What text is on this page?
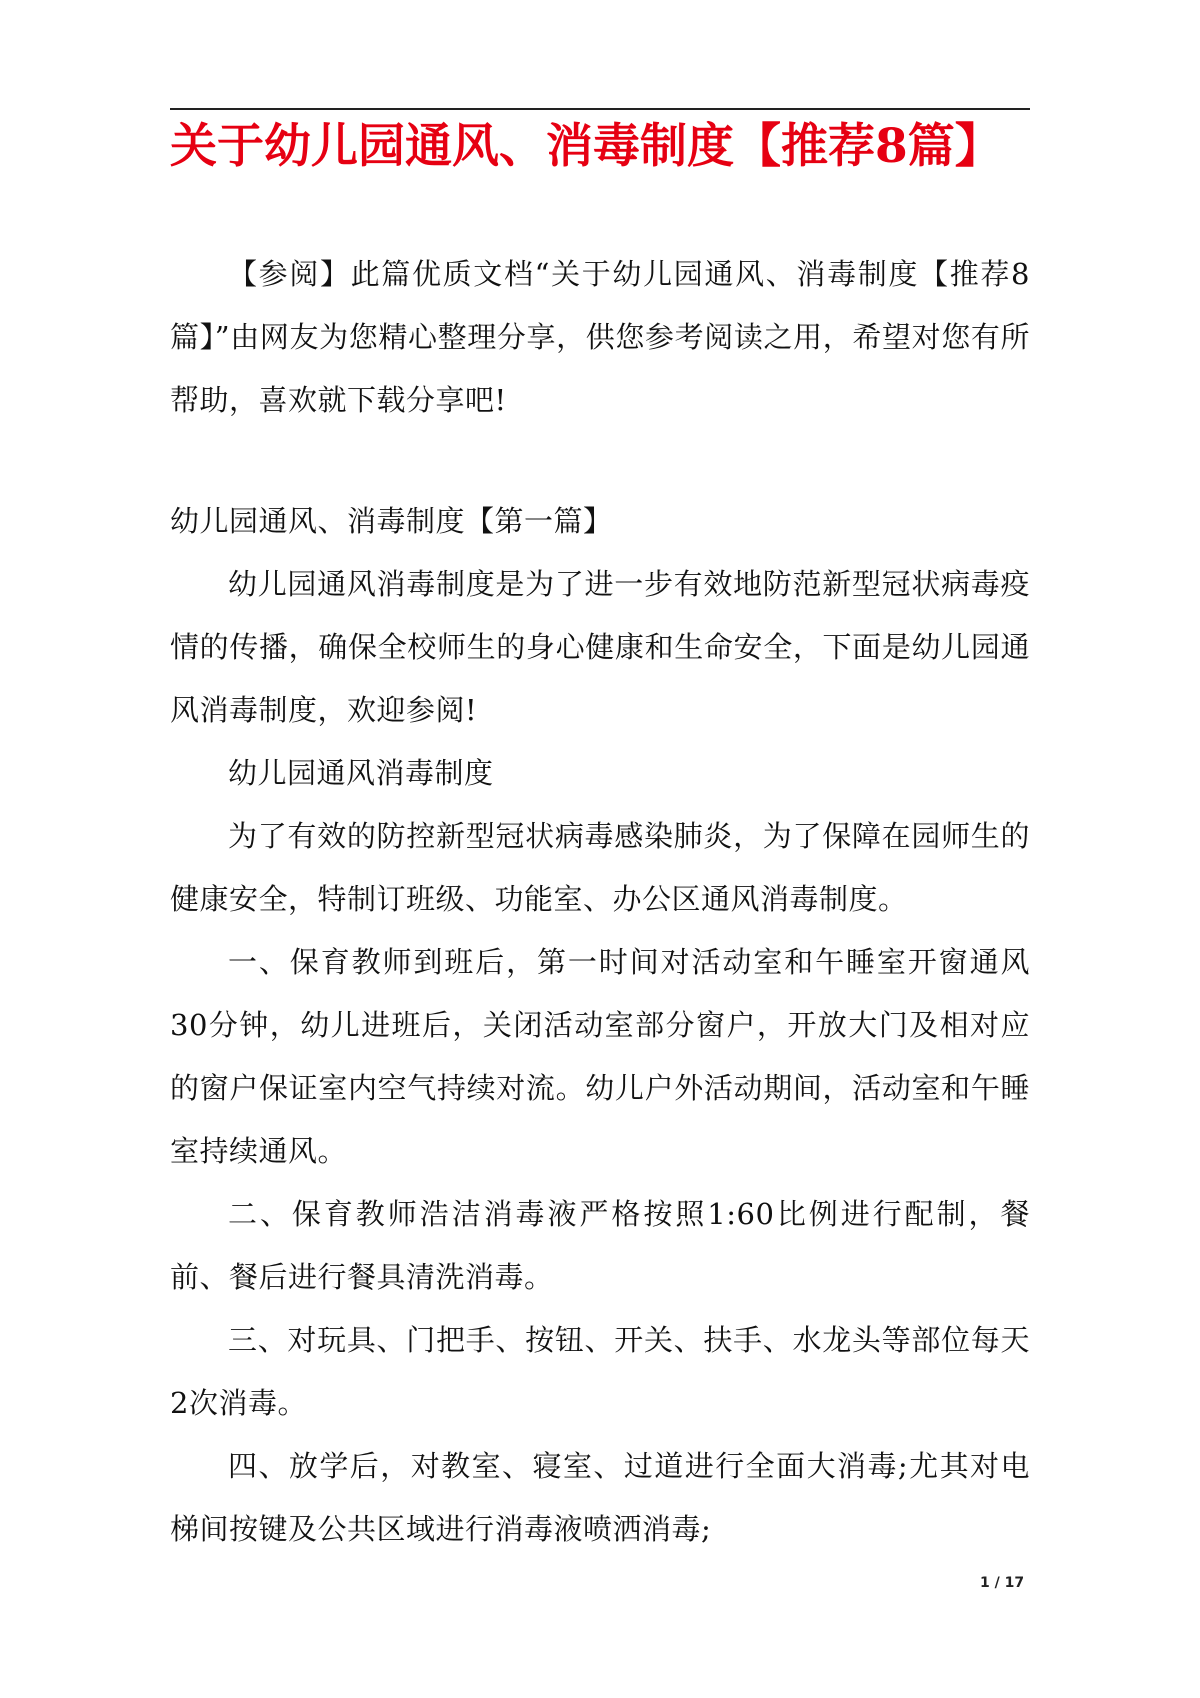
关于幼儿园通风、消毒制度【推荐8篇】

【参阅】此篇优质文档“关于幼儿园通风、消毒制度【推荐8篇】”由网友为您精心整理分享，供您参考阅读之用，希望对您有所帮助，喜欢就下载分享吧!

幼儿园通风、消毒制度【第一篇】

幼儿园通风消毒制度是为了进一步有效地防范新型冠状病毒疫情的传播，确保全校师生的身心健康和生命安全，下面是幼儿园通风消毒制度，欢迎参阅!

幼儿园通风消毒制度

为了有效的防控新型冠状病毒感染肺炎，为了保障在园师生的健康安全，特制订班级、功能室、办公区通风消毒制度。

一、保育教师到班后，第一时间对活动室和午睡室开窗通风30分钟，幼儿进班后，关闭活动室部分窗户，开放大门及相对应的窗户保证室内空气持续对流。幼儿户外活动期间，活动室和午睡室持续通风。

二、保育教师浩洁消毒液严格按照1:60比例进行配制，餐前、餐后进行餐具清洗消毒。

三、对玩具、门把手、按钮、开关、扶手、水龙头等部位每天2次消毒。

四、放学后，对教室、寝室、过道进行全面大消毒;尤其对电梯间按键及公共区域进行消毒液喷洒消毒;

1 / 17
